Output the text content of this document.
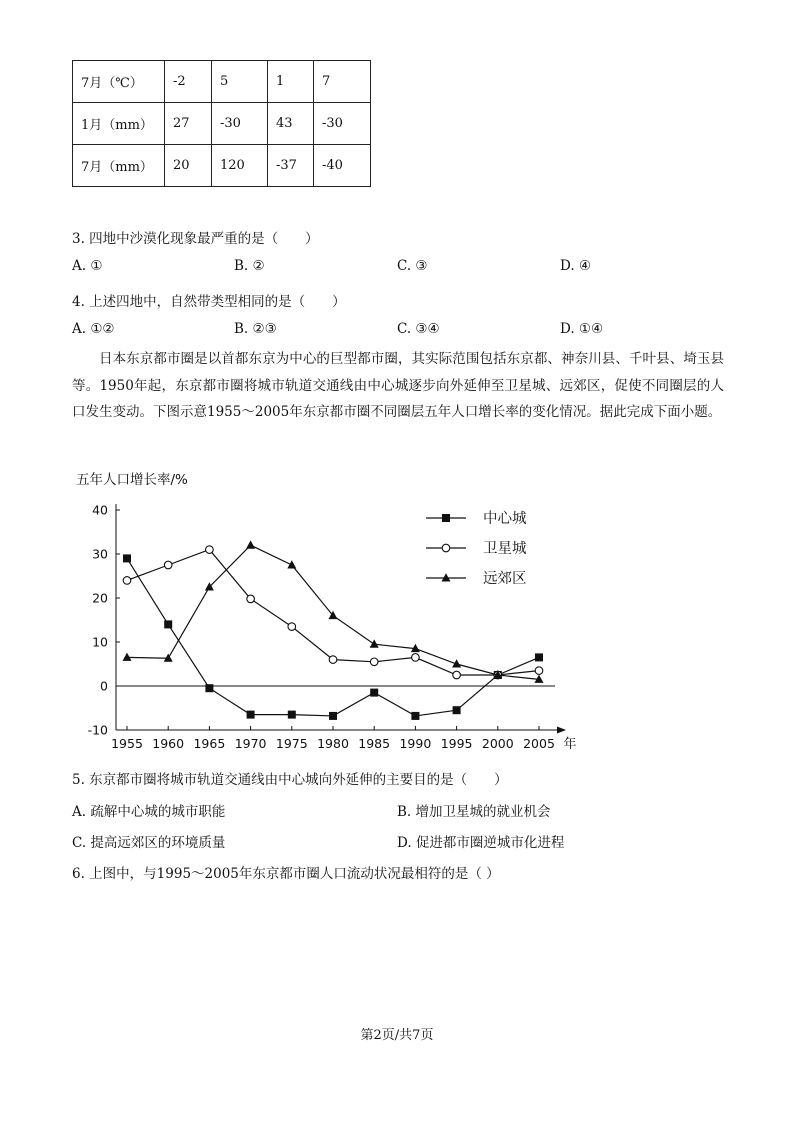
7月（℃）	-2	5	1	7
1月（mm）	27	-30	43	-30
7月（mm）	20	120	-37	-40
3. 四地中沙漠化现象最严重的是（　　）
A. ①	B. ②	C. ③	D. ④
4. 上述四地中，自然带类型相同的是（　　）
A. ①②	B. ②③	C. ③④	D. ①④
日本东京都市圈是以首都东京为中心的巨型都市圈，其实际范围包括东京都、神奈川县、千叶县、埼玉县等。1950年起，东京都市圈将城市轨道交通线由中心城逐步向外延伸至卫星城、远郊区，促使不同圈层的人口发生变动。下图示意1955～2005年东京都市圈不同圈层五年人口增长率的变化情况。据此完成下面小题。
五年人口增长率/%
-10
0
10
20
30
40
1955 1960 1965 1970 1975 1980 1985 1990 1995 2000 2005 年
中心城
卫星城
远郊区
5. 东京都市圈将城市轨道交通线由中心城向外延伸的主要目的是（　　）
A. 疏解中心城的城市职能	B. 增加卫星城的就业机会
C. 提高远郊区的环境质量	D. 促进都市圈逆城市化进程
6. 上图中，与1995～2005年东京都市圈人口流动状况最相符的是（ ）
第2页/共7页
